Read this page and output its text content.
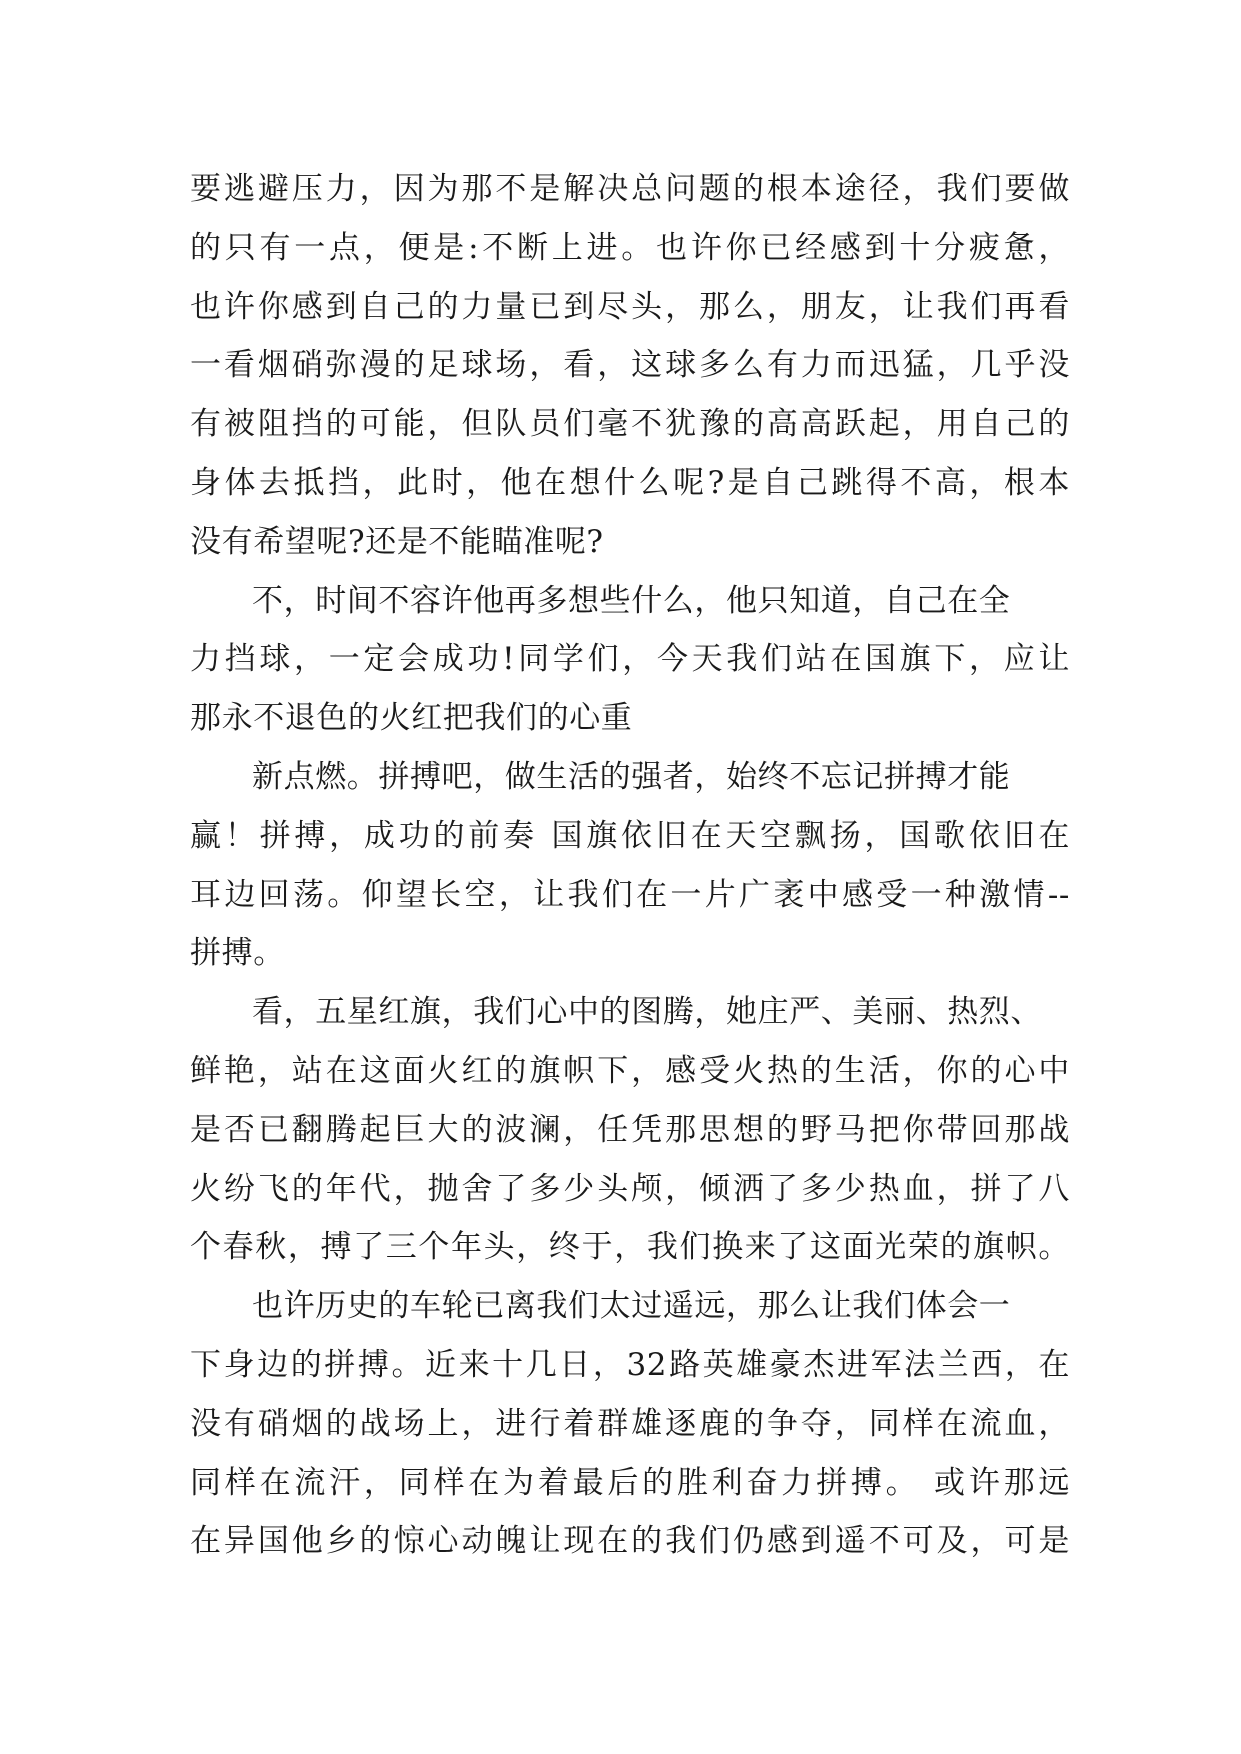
要逃避压力，因为那不是解决总问题的根本途径，我们要做
的只有一点，便是:不断上进。也许你已经感到十分疲惫，
也许你感到自己的力量已到尽头，那么，朋友，让我们再看
一看烟硝弥漫的足球场，看，这球多么有力而迅猛，几乎没
有被阻挡的可能，但队员们毫不犹豫的高高跃起，用自己的
身体去抵挡，此时，他在想什么呢?是自己跳得不高，根本
没有希望呢?还是不能瞄准呢?
不，时间不容许他再多想些什么，他只知道，自己在全
力挡球，一定会成功!同学们，今天我们站在国旗下，应让
那永不退色的火红把我们的心重
新点燃。拼搏吧，做生活的强者，始终不忘记拼搏才能
赢！拼搏，成功的前奏 国旗依旧在天空飘扬，国歌依旧在
耳边回荡。仰望长空，让我们在一片广袤中感受一种激情--
拼搏。
看，五星红旗，我们心中的图腾，她庄严、美丽、热烈、
鲜艳，站在这面火红的旗帜下，感受火热的生活，你的心中
是否已翻腾起巨大的波澜，任凭那思想的野马把你带回那战
火纷飞的年代，抛舍了多少头颅，倾洒了多少热血，拼了八
个春秋，搏了三个年头，终于，我们换来了这面光荣的旗帜。
也许历史的车轮已离我们太过遥远，那么让我们体会一
下身边的拼搏。近来十几日，32路英雄豪杰进军法兰西，在
没有硝烟的战场上，进行着群雄逐鹿的争夺，同样在流血，
同样在流汗，同样在为着最后的胜利奋力拼搏。 或许那远
在异国他乡的惊心动魄让现在的我们仍感到遥不可及，可是
